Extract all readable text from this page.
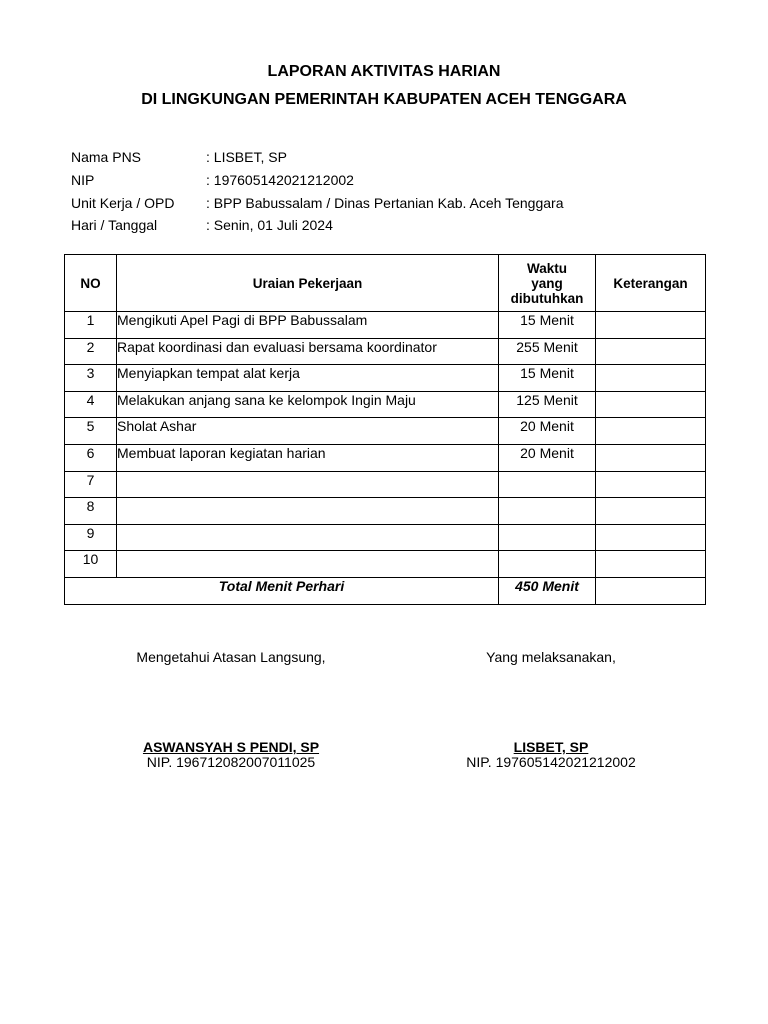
LAPORAN AKTIVITAS HARIAN
DI LINGKUNGAN PEMERINTAH KABUPATEN ACEH TENGGARA
Nama PNS	: LISBET, SP
NIP	: 197605142021212002
Unit Kerja / OPD	: BPP Babussalam / Dinas Pertanian Kab. Aceh Tenggara
Hari / Tanggal	: Senin, 01 Juli 2024
NO	Uraian Pekerjaan	Waktu
yang
dibutuhkan	Keterangan
1	Mengikuti Apel Pagi di BPP Babussalam	15 Menit	
2	Rapat koordinasi dan evaluasi bersama koordinator	255 Menit	
3	Menyiapkan tempat alat kerja	15 Menit	
4	Melakukan anjang sana ke kelompok Ingin Maju	125 Menit	
5	Sholat Ashar	20 Menit	
6	Membuat laporan kegiatan harian	20 Menit	
7			
8			
9			
10			
Total Menit Perhari		450 Menit	
Mengetahui Atasan Langsung,
ASWANSYAH S PENDI, SP
NIP. 196712082007011025
Yang melaksanakan,
LISBET, SP
NIP. 197605142021212002
